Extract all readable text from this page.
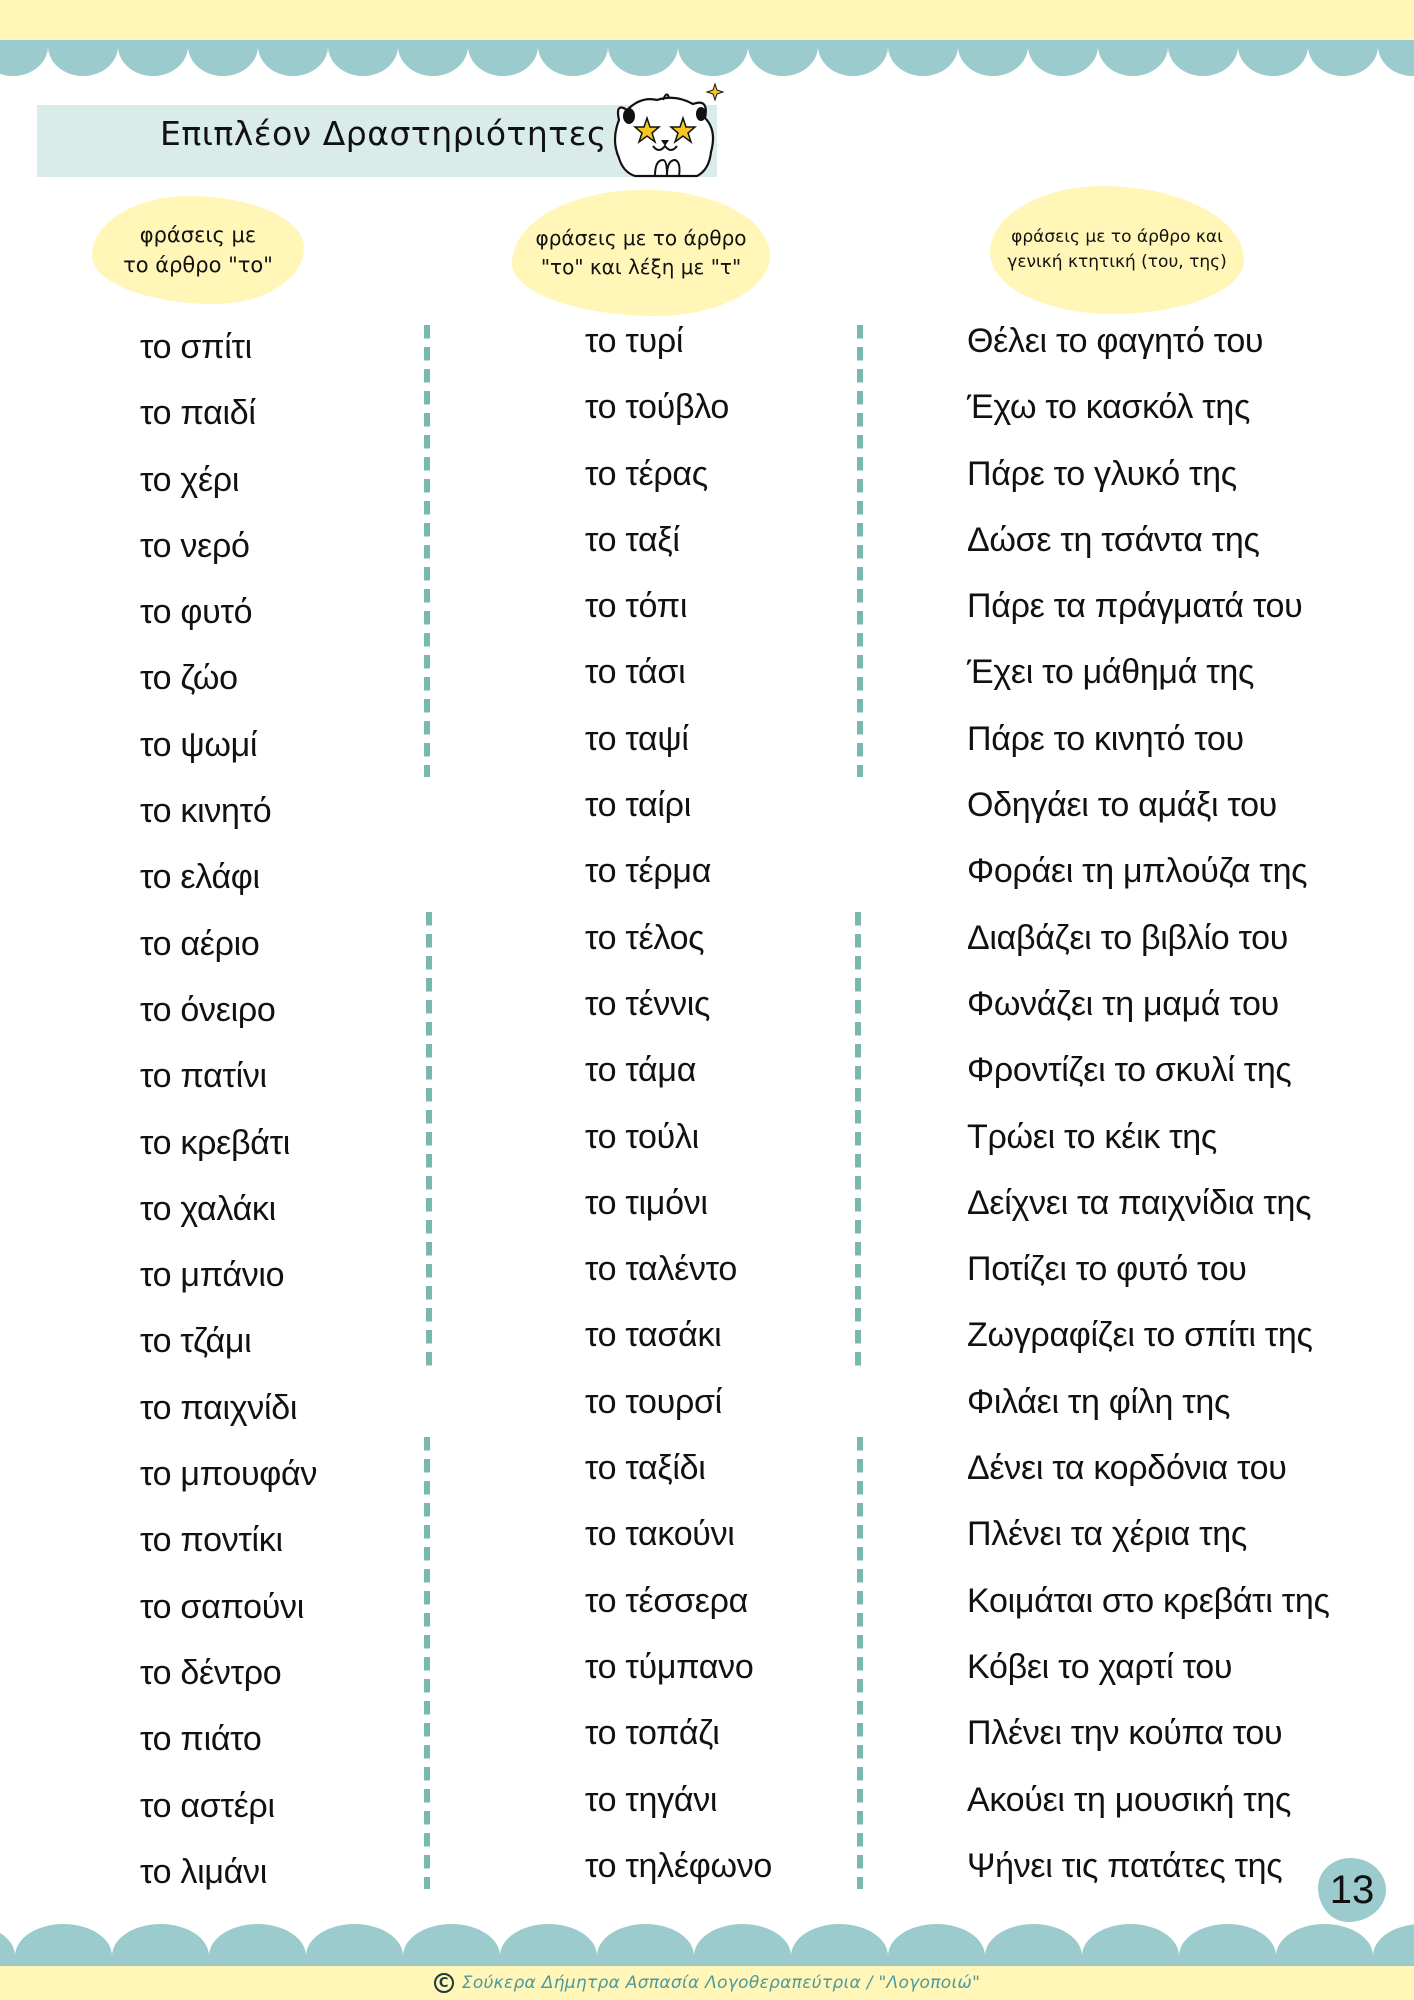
Επιπλέον Δραστηριότητες
φράσεις με
το άρθρο "το"
φράσεις με το άρθρο
"το" και λέξη με "τ"
φράσεις με το άρθρο και
γενική κτητική (του, της)
το σπίτι
το παιδί
το χέρι
το νερό
το φυτό
το ζώο
το ψωμί
το κινητό
το ελάφι
το αέριο
το όνειρο
το πατίνι
το κρεβάτι
το χαλάκι
το μπάνιο
το τζάμι
το παιχνίδι
το μπουφάν
το ποντίκι
το σαπούνι
το δέντρο
το πιάτο
το αστέρι
το λιμάνι
το τυρί
το τούβλο
το τέρας
το ταξί
το τόπι
το τάσι
το ταψί
το ταίρι
το τέρμα
το τέλος
το τέννις
το τάμα
το τούλι
το τιμόνι
το ταλέντο
το τασάκι
το τουρσί
το ταξίδι
το τακούνι
το τέσσερα
το τύμπανο
το τοπάζι
το τηγάνι
το τηλέφωνο
Θέλει το φαγητό του
Έχω το κασκόλ της
Πάρε το γλυκό της
Δώσε τη τσάντα της
Πάρε τα πράγματά του
Έχει το μάθημά της
Πάρε το κινητό του
Οδηγάει το αμάξι του
Φοράει τη μπλούζα της
Διαβάζει το βιβλίο του
Φωνάζει τη μαμά του
Φροντίζει το σκυλί της
Τρώει το κέικ της
Δείχνει τα παιχνίδια της
Ποτίζει το φυτό του
Ζωγραφίζει το σπίτι της
Φιλάει τη φίλη της
Δένει τα κορδόνια του
Πλένει τα χέρια της
Κοιμάται στο κρεβάτι της
Κόβει το χαρτί του
Πλένει την κούπα του
Ακούει τη μουσική της
Ψήνει τις πατάτες της
13
C Σούκερα Δήμητρα Ασπασία Λογοθεραπεύτρια / "Λογοποιώ"
